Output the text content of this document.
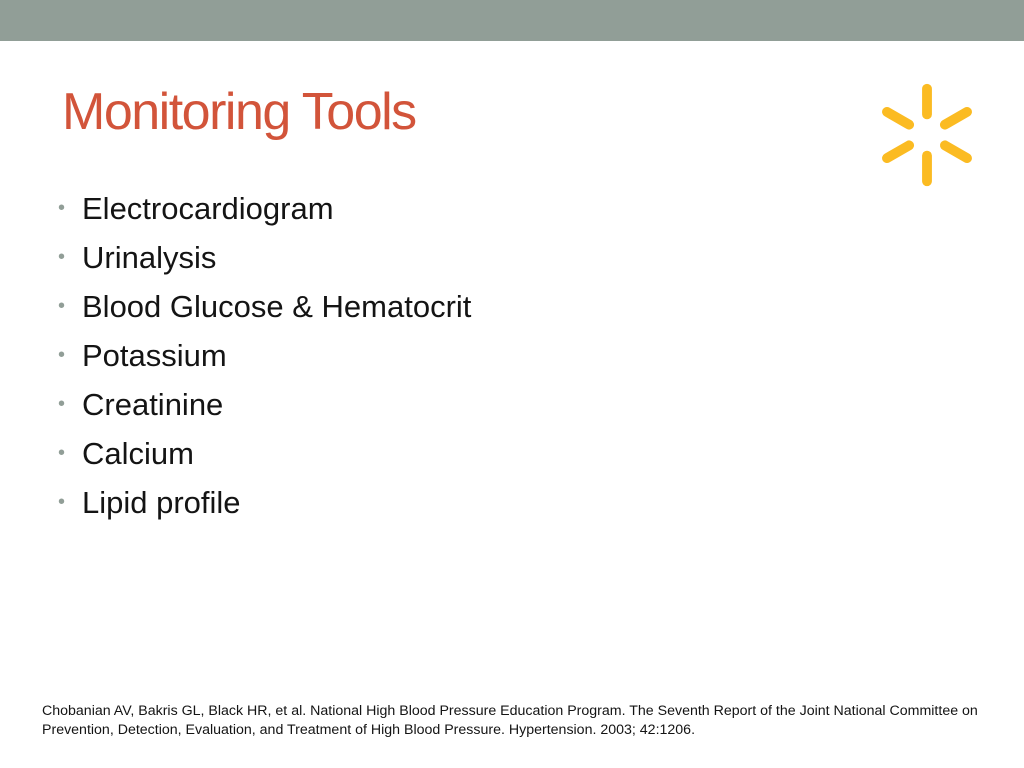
Monitoring Tools
• Electrocardiogram
• Urinalysis
• Blood Glucose & Hematocrit
• Potassium
• Creatinine
• Calcium
• Lipid profile

Chobanian AV, Bakris GL, Black HR, et al. National High Blood Pressure Education Program. The Seventh Report of the Joint National Committee on Prevention, Detection, Evaluation, and Treatment of High Blood Pressure. Hypertension. 2003; 42:1206.
